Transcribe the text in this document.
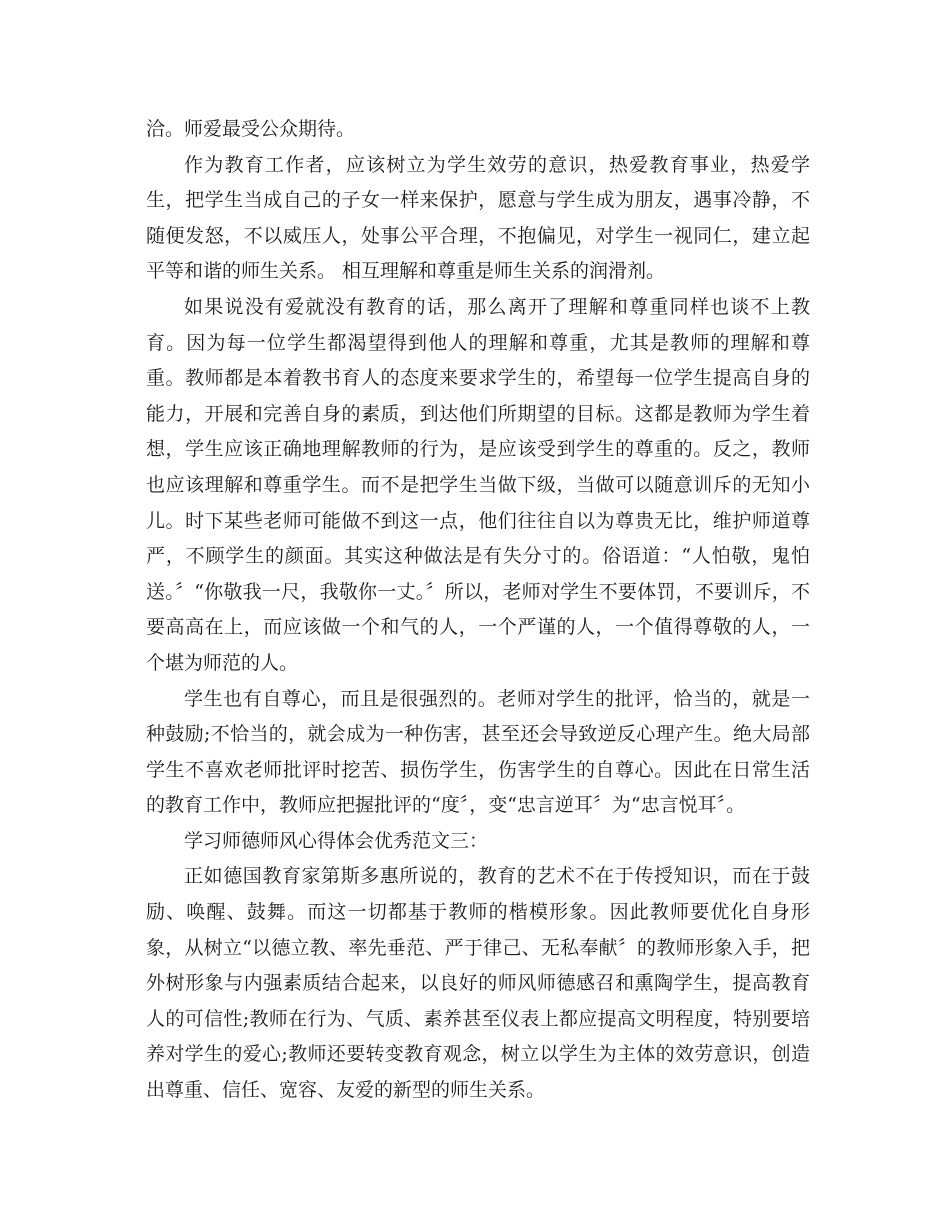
洽。师爱最受公众期待。

作为教育工作者，应该树立为学生效劳的意识，热爱教育事业，热爱学生，把学生当成自己的子女一样来保护，愿意与学生成为朋友，遇事冷静，不随便发怒，不以威压人，处事公平合理，不抱偏见，对学生一视同仁，建立起平等和谐的师生关系。 相互理解和尊重是师生关系的润滑剂。

如果说没有爱就没有教育的话，那么离开了理解和尊重同样也谈不上教育。因为每一位学生都渴望得到他人的理解和尊重，尤其是教师的理解和尊重。教师都是本着教书育人的态度来要求学生的，希望每一位学生提高自身的能力，开展和完善自身的素质，到达他们所期望的目标。这都是教师为学生着想，学生应该正确地理解教师的行为，是应该受到学生的尊重的。反之，教师也应该理解和尊重学生。而不是把学生当做下级，当做可以随意训斥的无知小儿。时下某些老师可能做不到这一点，他们往往自以为尊贵无比，维护师道尊严，不顾学生的颜面。其实这种做法是有失分寸的。俗语道：“人怕敬，鬼怕送。〞“你敬我一尺，我敬你一丈。〞所以，老师对学生不要体罚，不要训斥，不要高高在上，而应该做一个和气的人，一个严谨的人，一个值得尊敬的人，一个堪为师范的人。

学生也有自尊心，而且是很强烈的。老师对学生的批评，恰当的，就是一种鼓励;不恰当的，就会成为一种伤害，甚至还会导致逆反心理产生。绝大局部学生不喜欢老师批评时挖苦、损伤学生，伤害学生的自尊心。因此在日常生活的教育工作中，教师应把握批评的“度〞，变“忠言逆耳〞为“忠言悦耳〞。

学习师德师风心得体会优秀范文三：

正如德国教育家第斯多惠所说的，教育的艺术不在于传授知识，而在于鼓励、唤醒、鼓舞。而这一切都基于教师的楷模形象。因此教师要优化自身形象，从树立“以德立教、率先垂范、严于律己、无私奉献〞的教师形象入手，把外树形象与内强素质结合起来，以良好的师风师德感召和熏陶学生，提高教育人的可信性;教师在行为、气质、素养甚至仪表上都应提高文明程度，特别要培养对学生的爱心;教师还要转变教育观念，树立以学生为主体的效劳意识，创造出尊重、信任、宽容、友爱的新型的师生关系。
